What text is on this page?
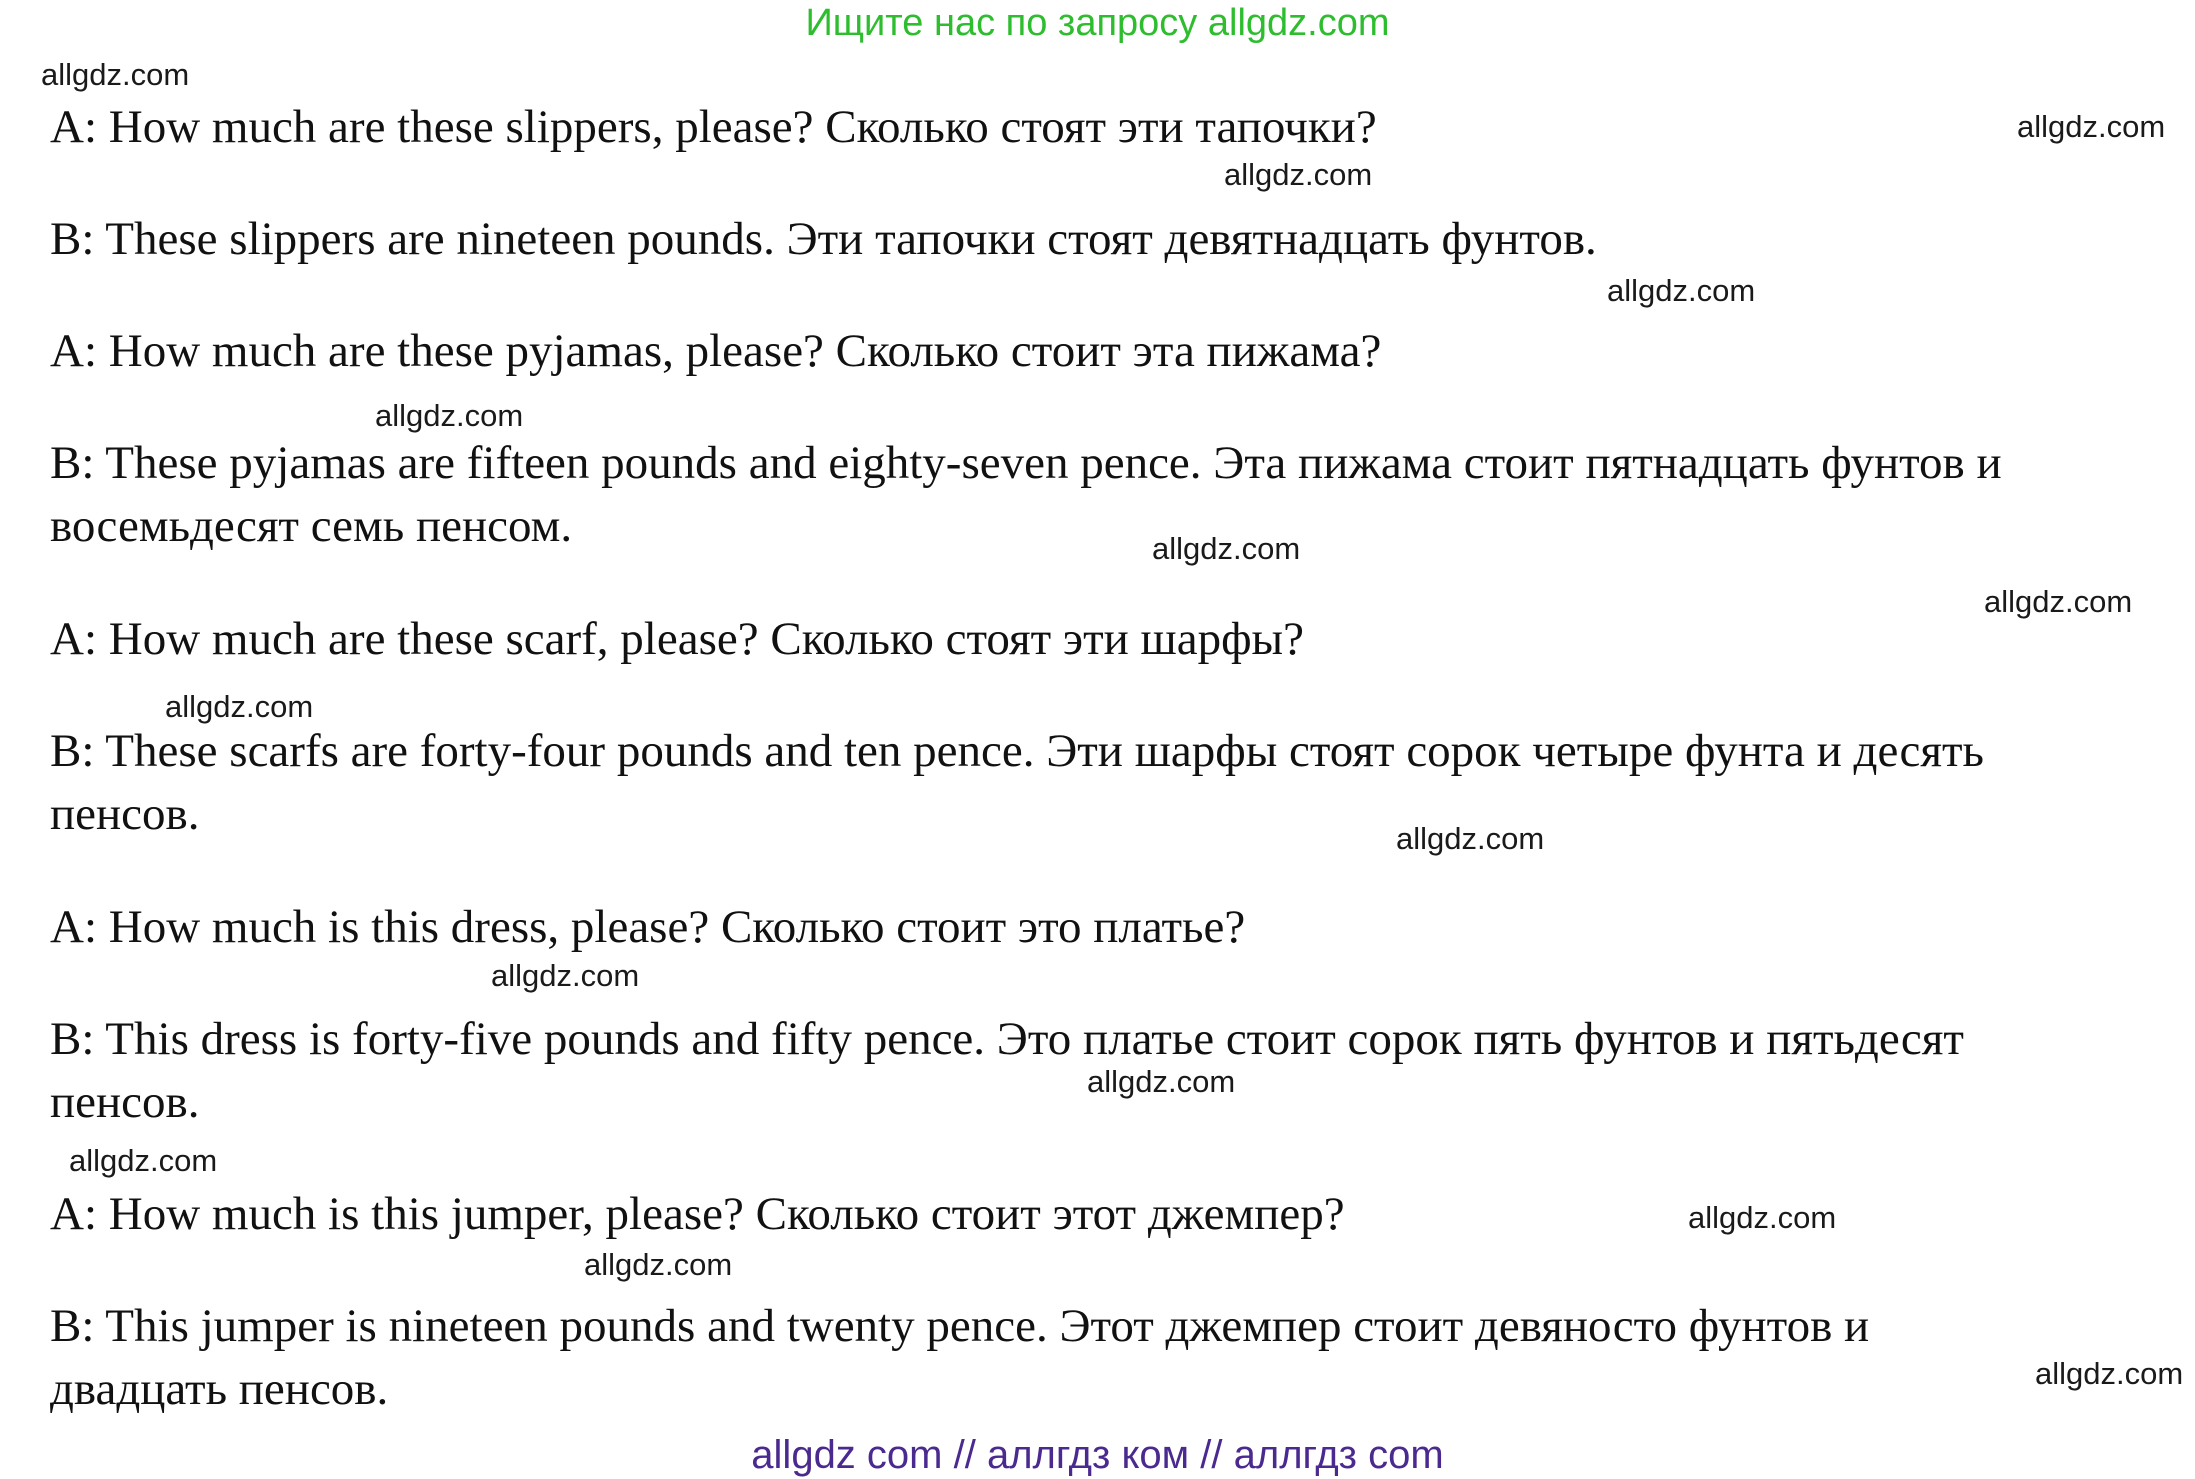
Ищите нас по запросу allgdz.com
A: How much are these slippers, please? Сколько стоят эти тапочки?
B: These slippers are nineteen pounds. Эти тапочки стоят девятнадцать фунтов.
A: How much are these pyjamas, please? Сколько стоит эта пижама?
B: These pyjamas are fifteen pounds and eighty-seven pence. Эта пижама стоит пятнадцать фунтов и
восемьдесят семь пенсом.
A: How much are these scarf, please? Сколько стоят эти шарфы?
B: These scarfs are forty-four pounds and ten pence. Эти шарфы стоят сорок четыре фунта и десять
пенсов.
A: How much is this dress, please? Сколько стоит это платье?
B: This dress is forty-five pounds and fifty pence. Это платье стоит сорок пять фунтов и пятьдесят
пенсов.
A: How much is this jumper, please? Сколько стоит этот джемпер?
B: This jumper is nineteen pounds and twenty pence. Этот джемпер стоит девяносто фунтов и
двадцать пенсов.
allgdz.com
allgdz.com
allgdz.com
allgdz.com
allgdz.com
allgdz.com
allgdz.com
allgdz.com
allgdz.com
allgdz.com
allgdz.com
allgdz.com
allgdz.com
allgdz.com
allgdz.com
allgdz com // аллгдз ком // аллгдз com
